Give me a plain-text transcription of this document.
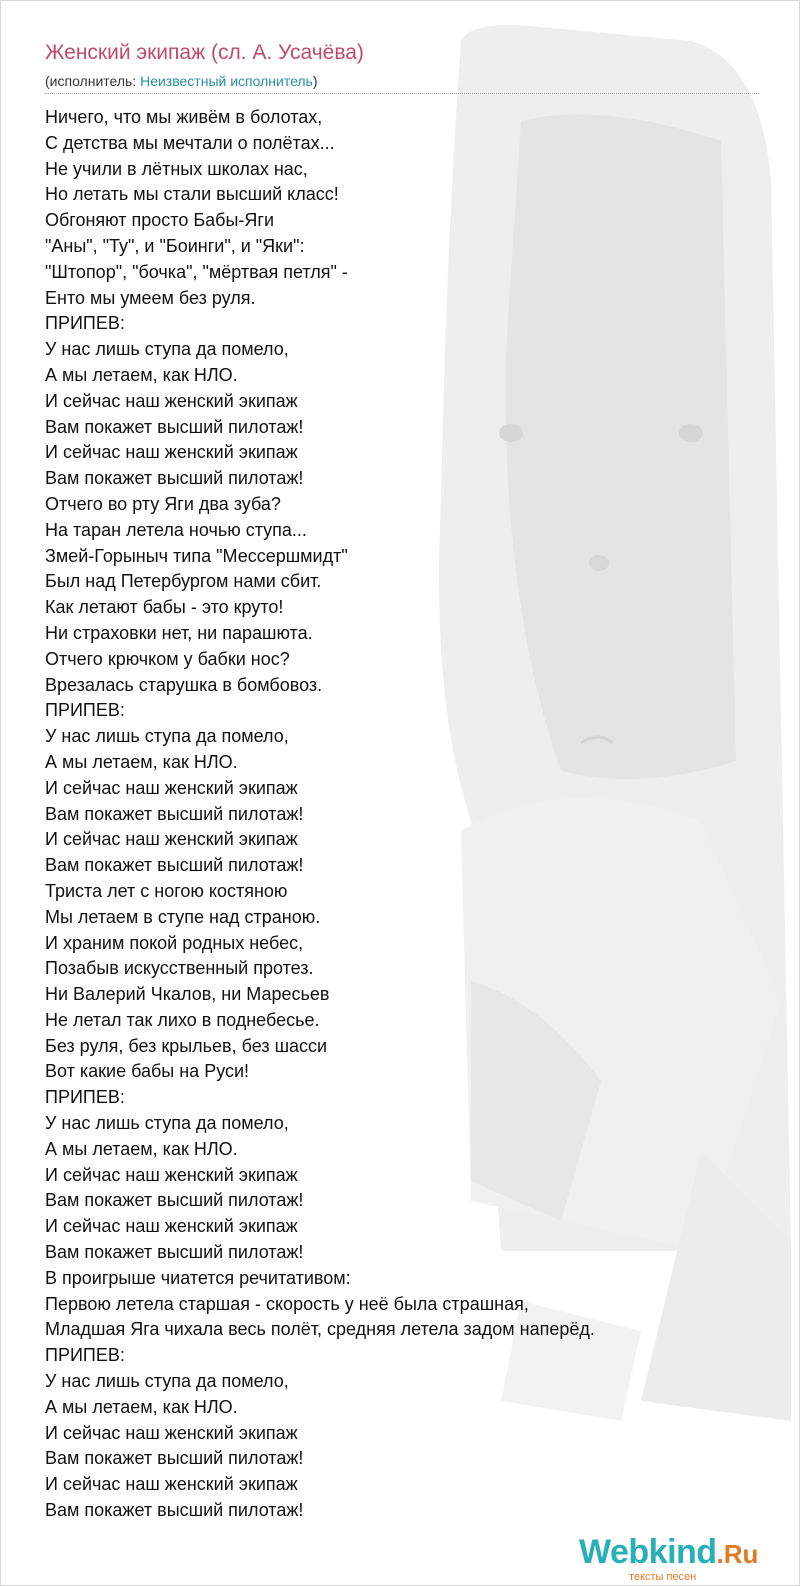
Женский экипаж (сл. А. Усачёва)
(исполнитель: Неизвестный исполнитель)
Ничего, что мы живём в болотах,
С детства мы мечтали о полётах...
Не учили в лётных школах нас,
Но летать мы стали высший класс!
Обгоняют просто Бабы-Яги
"Аны", "Ту", и "Боинги", и "Яки":
"Штопор", "бочка", "мёртвая петля" -
Енто мы умеем без руля.
ПРИПЕВ:
У нас лишь ступа да помело,
А мы летаем, как НЛО.
И сейчас наш женский экипаж
Вам покажет высший пилотаж!
И сейчас наш женский экипаж
Вам покажет высший пилотаж!
Отчего во рту Яги два зуба?
На таран летела ночью ступа...
Змей-Горыныч типа "Мессершмидт"
Был над Петербургом нами сбит.
Как летают бабы - это круто!
Ни страховки нет, ни парашюта.
Отчего крючком у бабки нос?
Врезалась старушка в бомбовоз.
ПРИПЕВ:
У нас лишь ступа да помело,
А мы летаем, как НЛО.
И сейчас наш женский экипаж
Вам покажет высший пилотаж!
И сейчас наш женский экипаж
Вам покажет высший пилотаж!
Триста лет с ногою костяною
Мы летаем в ступе над страною.
И храним покой родных небес,
Позабыв искусственный протез.
Ни Валерий Чкалов, ни Маресьев
Не летал так лихо в поднебесье.
Без руля, без крыльев, без шасси
Вот какие бабы на Руси!
ПРИПЕВ:
У нас лишь ступа да помело,
А мы летаем, как НЛО.
И сейчас наш женский экипаж
Вам покажет высший пилотаж!
И сейчас наш женский экипаж
Вам покажет высший пилотаж!
В проигрыше чиатется речитативом:
Первою летела старшая - скорость у неё была страшная,
Младшая Яга чихала весь полёт, средняя летела задом наперёд.
ПРИПЕВ:
У нас лишь ступа да помело,
А мы летаем, как НЛО.
И сейчас наш женский экипаж
Вам покажет высший пилотаж!
И сейчас наш женский экипаж
Вам покажет высший пилотаж!
Webkind.Ru
тексты песен
